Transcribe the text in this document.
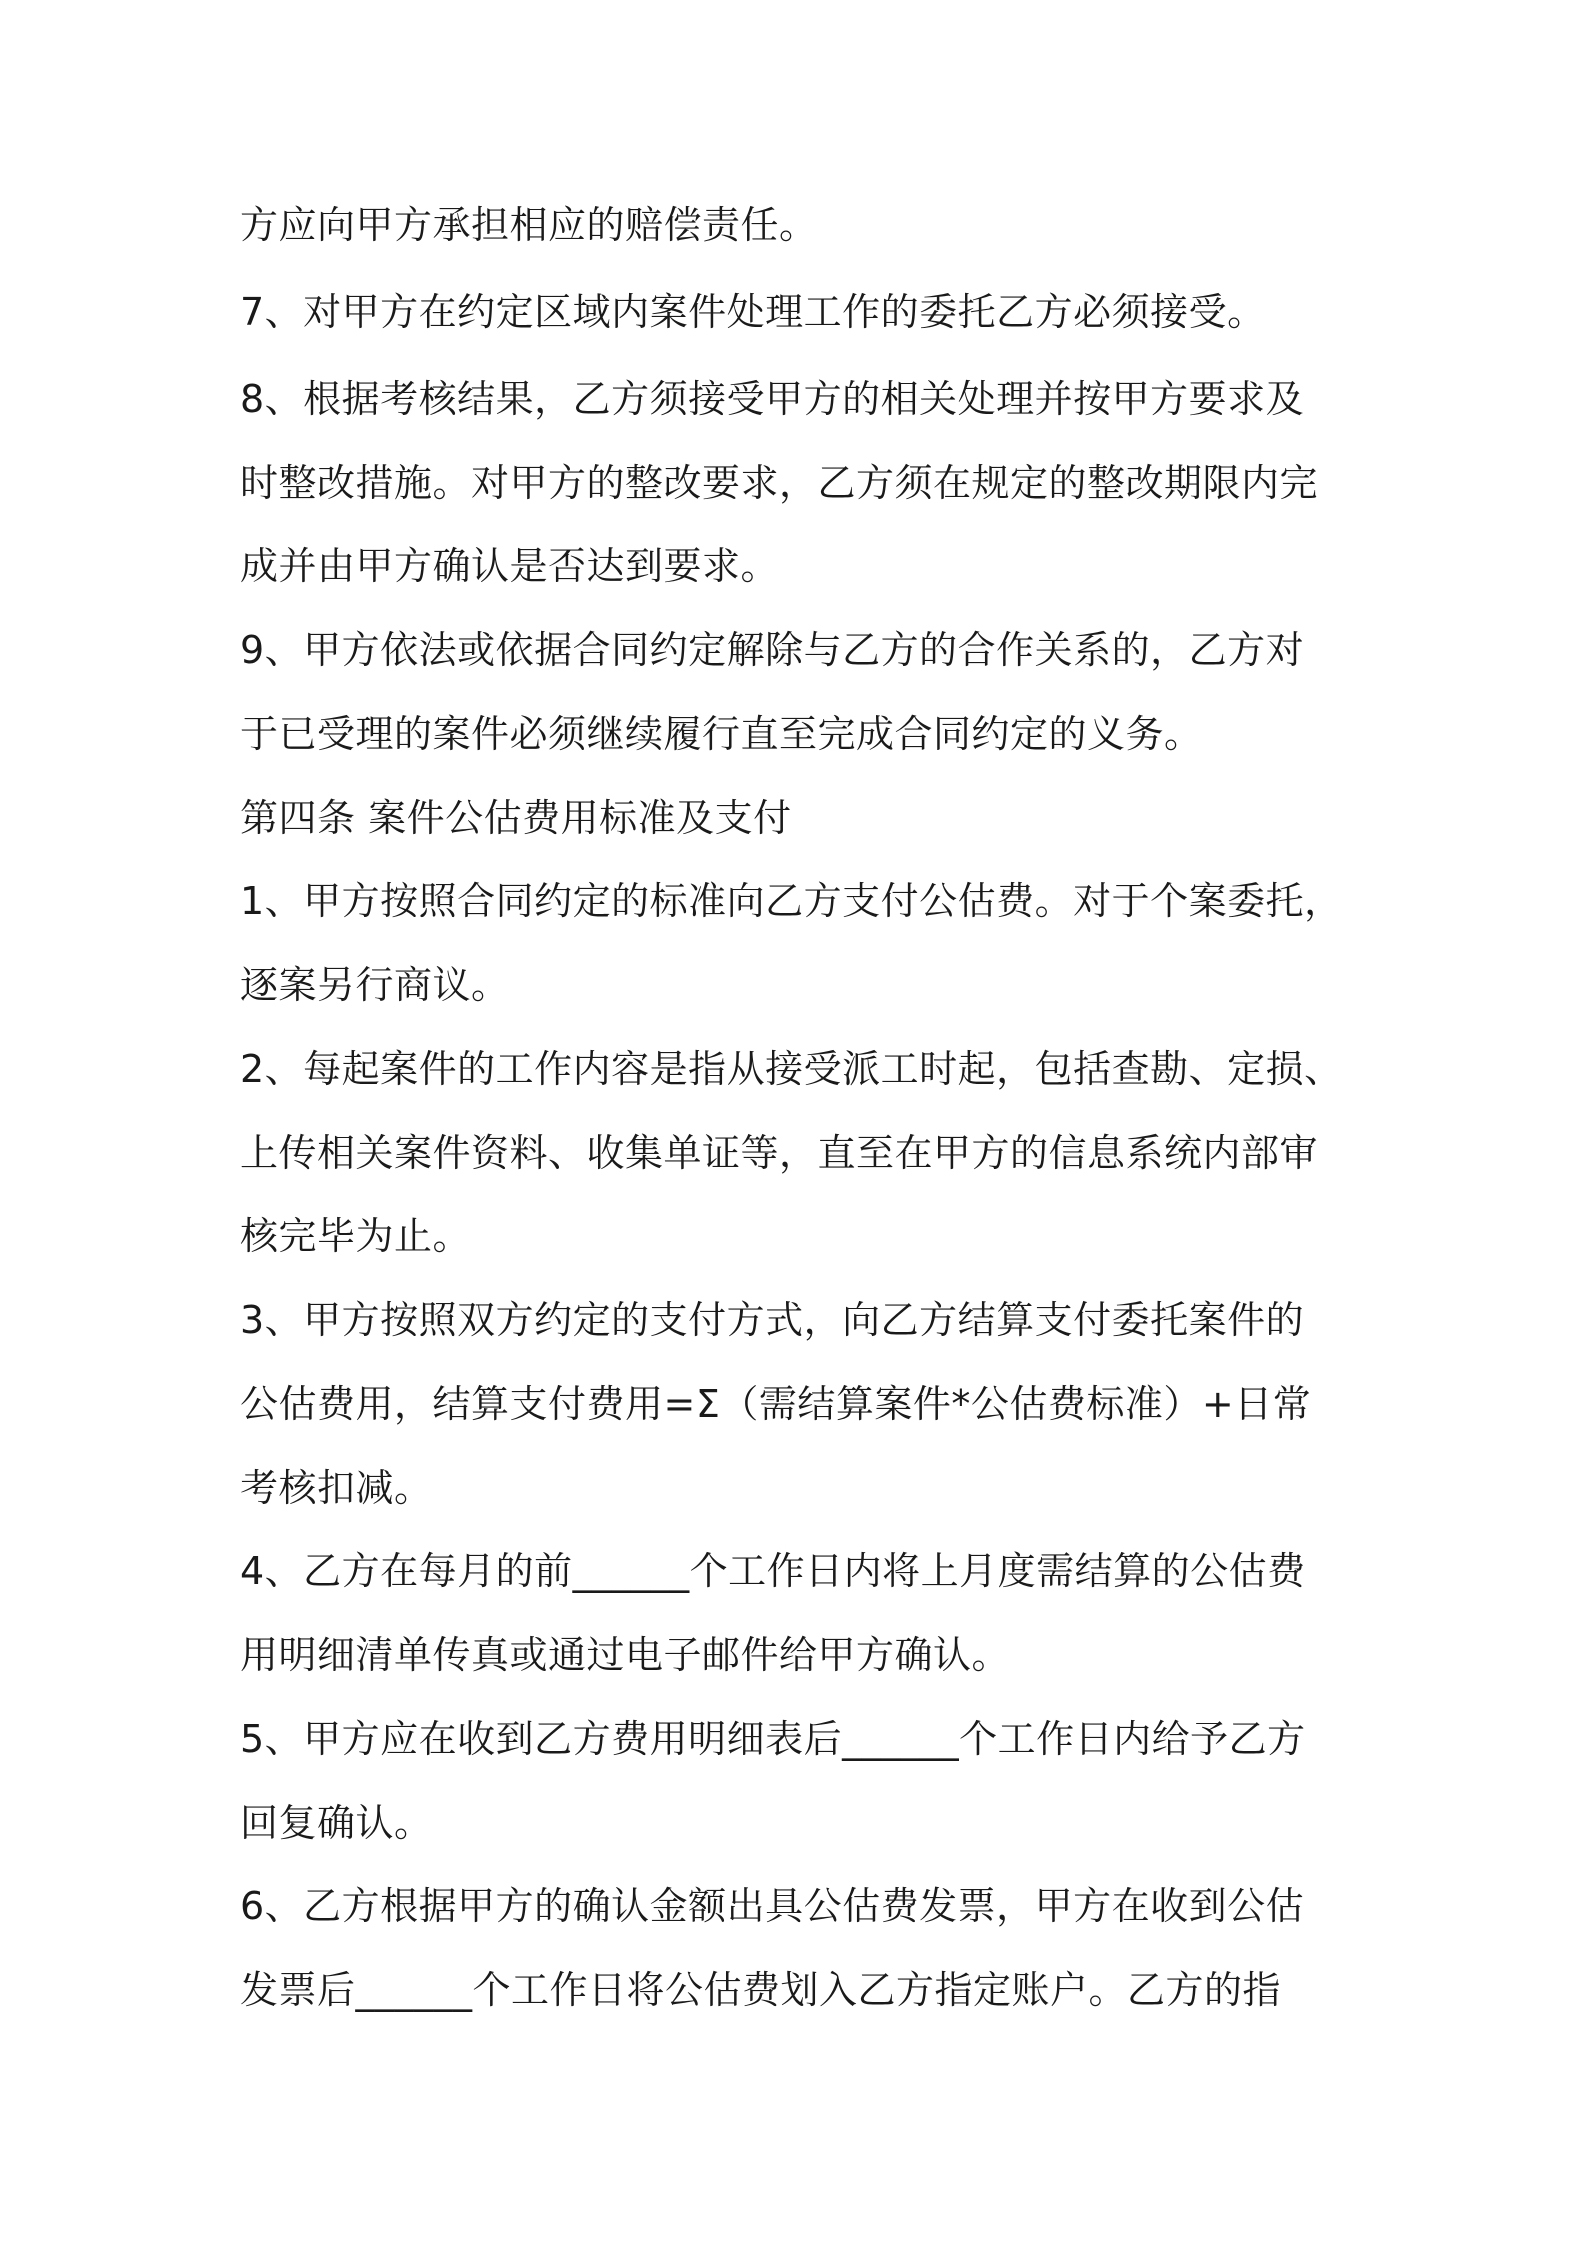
方应向甲方承担相应的赔偿责任。
7、对甲方在约定区域内案件处理工作的委托乙方必须接受。
8、根据考核结果，乙方须接受甲方的相关处理并按甲方要求及
时整改措施。对甲方的整改要求，乙方须在规定的整改期限内完
成并由甲方确认是否达到要求。
9、甲方依法或依据合同约定解除与乙方的合作关系的，乙方对
于已受理的案件必须继续履行直至完成合同约定的义务。
第四条 案件公估费用标准及支付
1、甲方按照合同约定的标准向乙方支付公估费。对于个案委托，
逐案另行商议。
2、每起案件的工作内容是指从接受派工时起，包括查勘、定损、
上传相关案件资料、收集单证等，直至在甲方的信息系统内部审
核完毕为止。
3、甲方按照双方约定的支付方式，向乙方结算支付委托案件的
公估费用，结算支付费用=Σ（需结算案件*公估费标准）+日常
考核扣减。
4、乙方在每月的前______个工作日内将上月度需结算的公估费
用明细清单传真或通过电子邮件给甲方确认。
5、甲方应在收到乙方费用明细表后______个工作日内给予乙方
回复确认。
6、乙方根据甲方的确认金额出具公估费发票，甲方在收到公估
发票后______个工作日将公估费划入乙方指定账户。乙方的指
